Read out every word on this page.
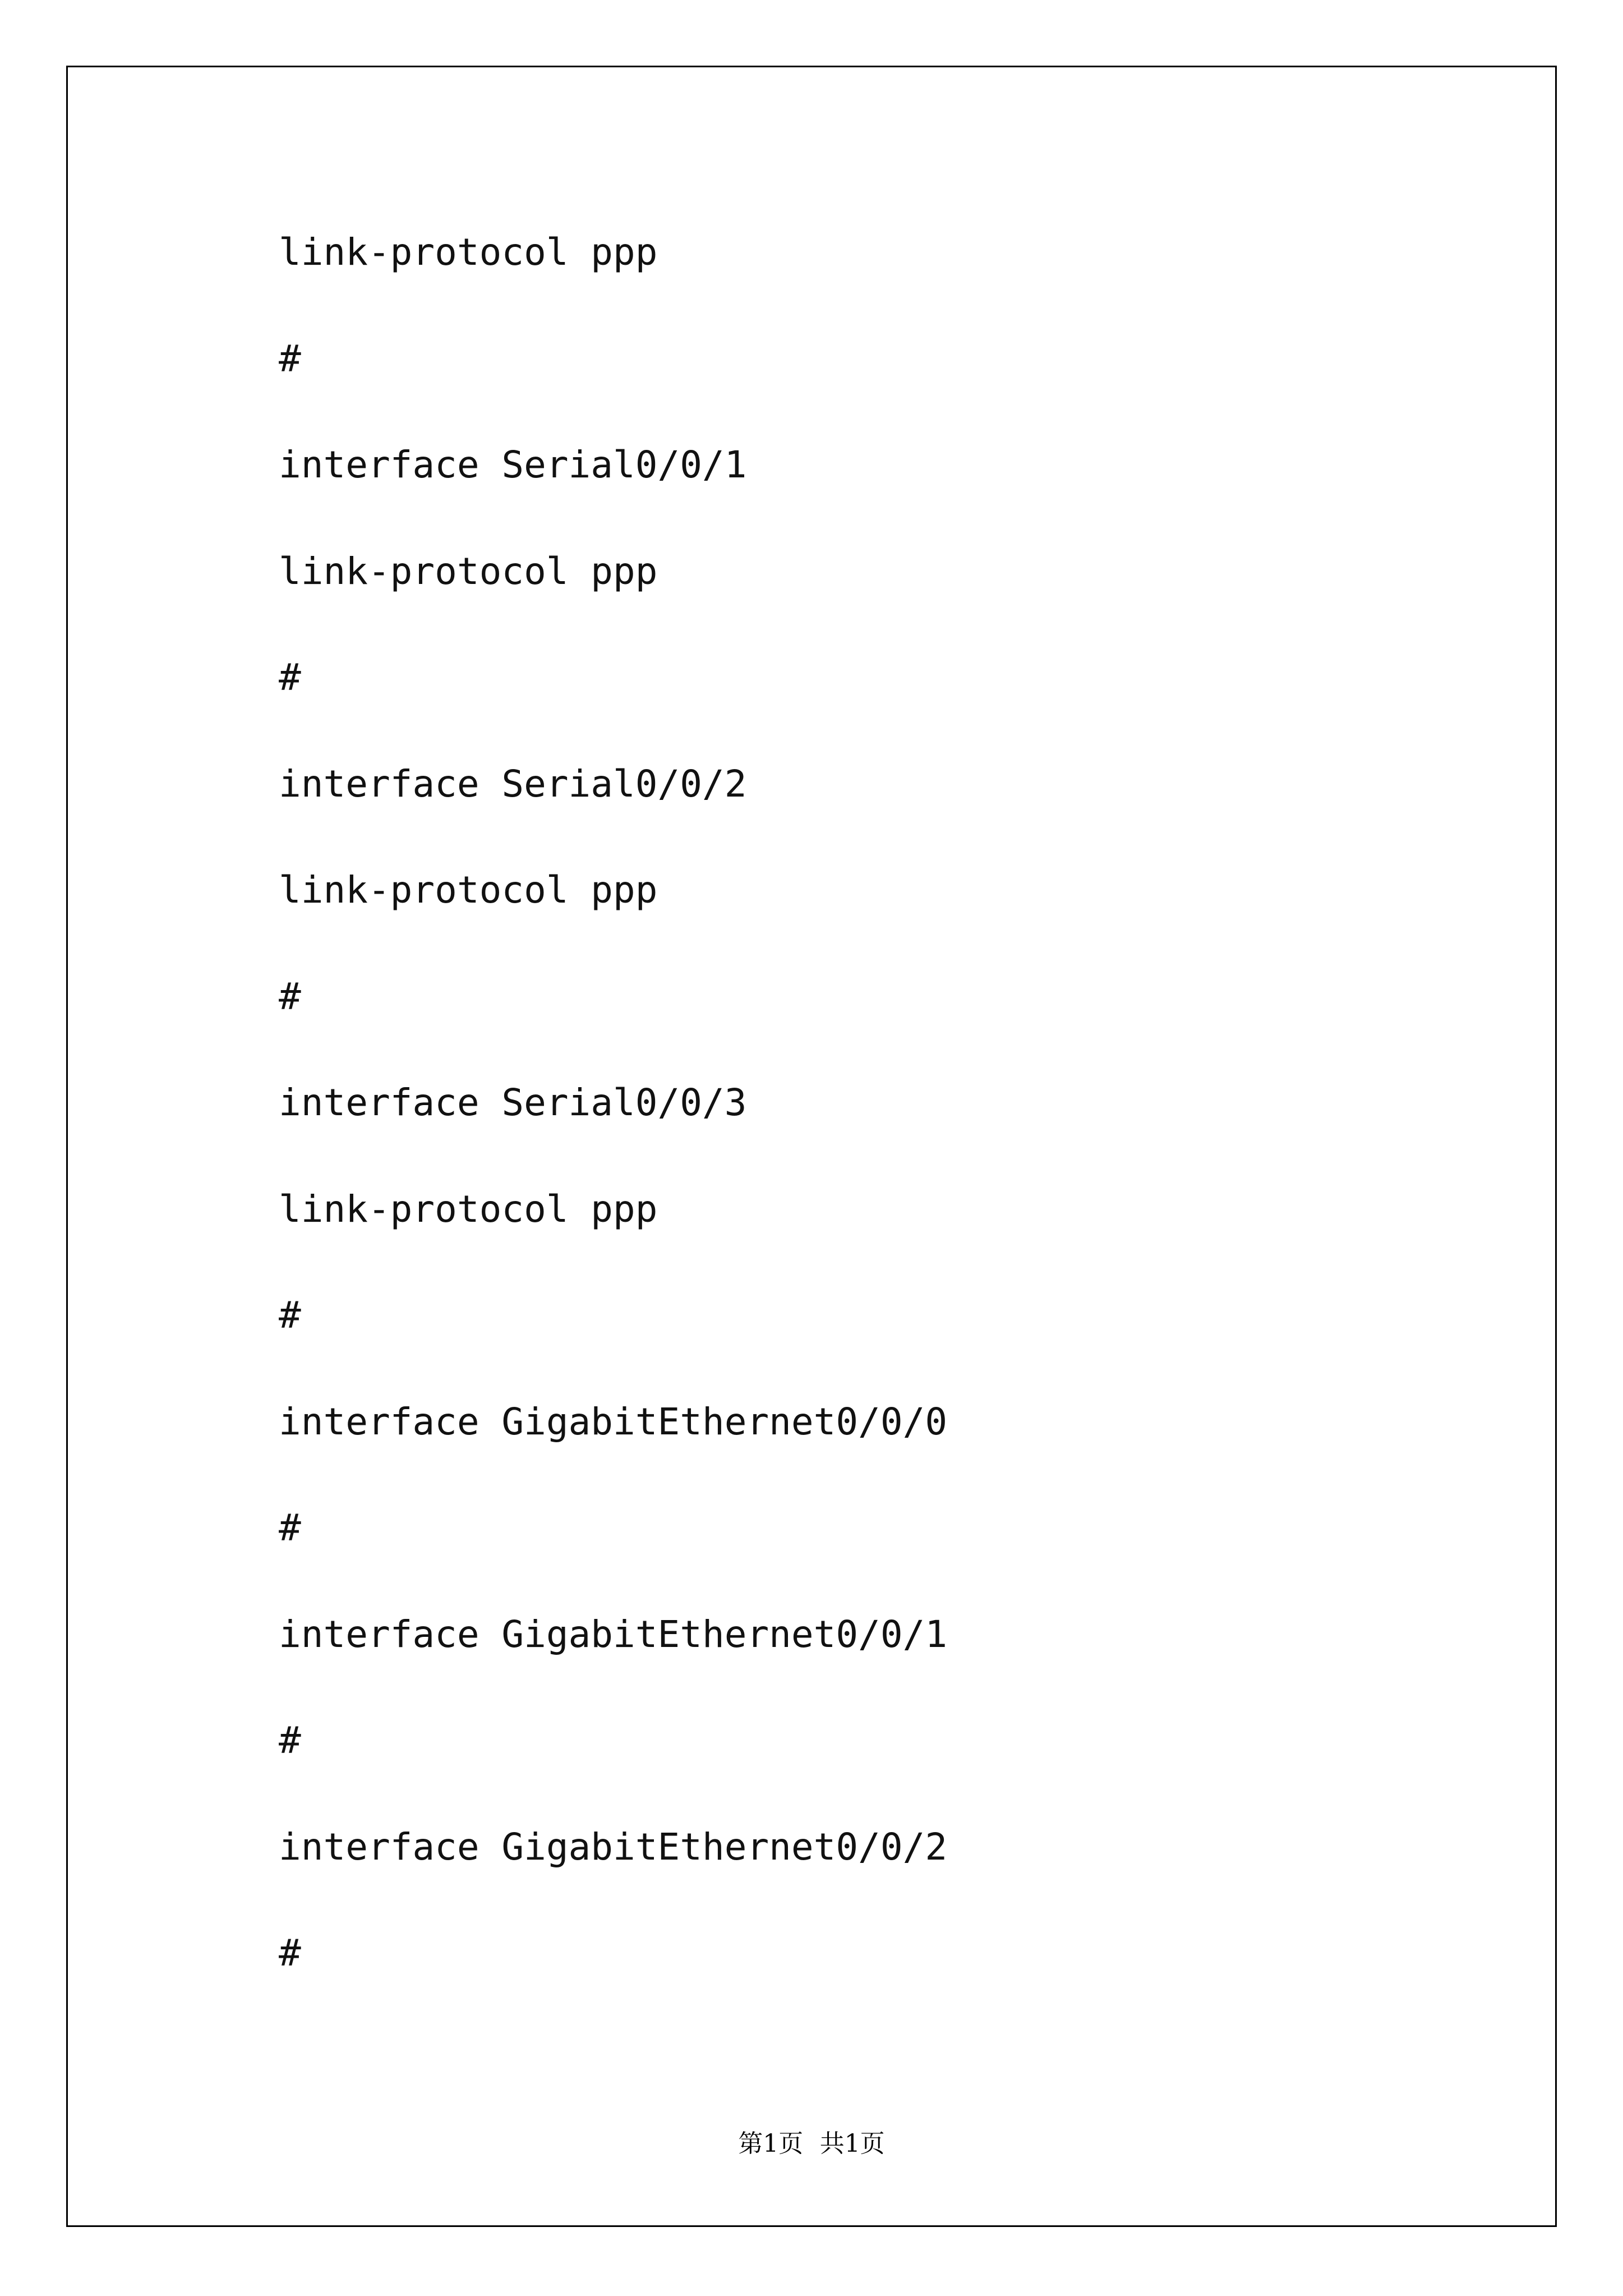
link-protocol ppp

#

interface Serial0/0/1

link-protocol ppp

#

interface Serial0/0/2

link-protocol ppp

#

interface Serial0/0/3

link-protocol ppp

#

interface GigabitEthernet0/0/0

#

interface GigabitEthernet0/0/1

#

interface GigabitEthernet0/0/2

#

第1页 共1页
